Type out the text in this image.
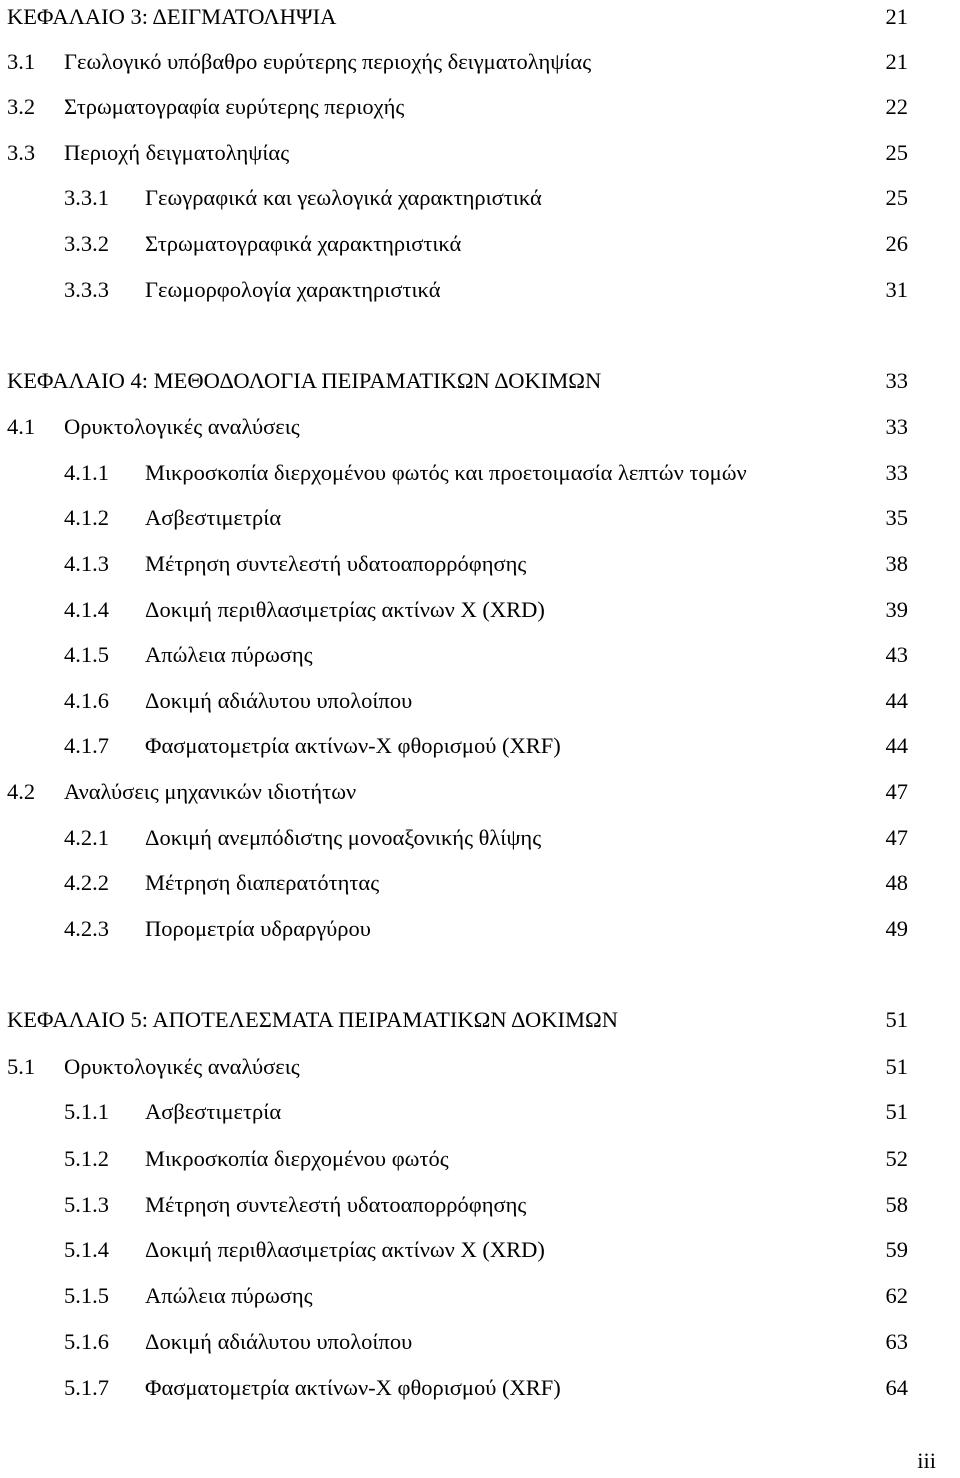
ΚΕΦΑΛΑΙΟ 3: ΔΕΙΓΜΑΤΟΛΗΨΙΑ	21
3.1 Γεωλογικό υπόβαθρο ευρύτερης περιοχής δειγματοληψίας	21
3.2 Στρωματογραφία ευρύτερης περιοχής	22
3.3 Περιοχή δειγματοληψίας	25
3.3.1 Γεωγραφικά και γεωλογικά χαρακτηριστικά	25
3.3.2 Στρωματογραφικά χαρακτηριστικά	26
3.3.3 Γεωμορφολογία χαρακτηριστικά	31
ΚΕΦΑΛΑΙΟ 4: ΜΕΘΟΔΟΛΟΓΙΑ ΠΕΙΡΑΜΑΤΙΚΩΝ ΔΟΚΙΜΩΝ	33
4.1 Ορυκτολογικές αναλύσεις	33
4.1.1 Μικροσκοπία διερχομένου φωτός και προετοιμασία λεπτών τομών	33
4.1.2 Ασβεστιμετρία	35
4.1.3 Μέτρηση συντελεστή υδατοαπορρόφησης	38
4.1.4 Δοκιμή περιθλασιμετρίας ακτίνων Χ (XRD)	39
4.1.5 Απώλεια πύρωσης	43
4.1.6 Δοκιμή αδιάλυτου υπολοίπου	44
4.1.7 Φασματομετρία ακτίνων-Χ φθορισμού (XRF)	44
4.2 Αναλύσεις μηχανικών ιδιοτήτων	47
4.2.1 Δοκιμή ανεμπόδιστης μονοαξονικής θλίψης	47
4.2.2 Μέτρηση διαπερατότητας	48
4.2.3 Πορομετρία υδραργύρου	49
ΚΕΦΑΛΑΙΟ 5: ΑΠΟΤΕΛΕΣΜΑΤΑ ΠΕΙΡΑΜΑΤΙΚΩΝ ΔΟΚΙΜΩΝ	51
5.1 Ορυκτολογικές αναλύσεις	51
5.1.1 Ασβεστιμετρία	51
5.1.2 Μικροσκοπία διερχομένου φωτός	52
5.1.3 Μέτρηση συντελεστή υδατοαπορρόφησης	58
5.1.4 Δοκιμή περιθλασιμετρίας ακτίνων Χ (XRD)	59
5.1.5 Απώλεια πύρωσης	62
5.1.6 Δοκιμή αδιάλυτου υπολοίπου	63
5.1.7 Φασματομετρία ακτίνων-Χ φθορισμού (XRF)	64
iii
